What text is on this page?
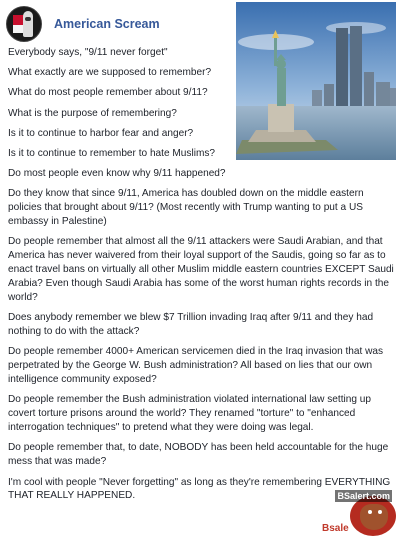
American Scream

Everybody says, "9/11 never forget"

What exactly are we supposed to remember?

What do most people remember about 9/11?

What is the purpose of remembering?

Is it to continue to harbor fear and anger?

Is it to continue to remember to hate Muslims?

Do most people even know why 9/11 happened?

Do they know that since 9/11, America has doubled down on the middle eastern policies that brought about 9/11? (Most recently with Trump wanting to put a US embassy in Palestine)

Do people remember that almost all the 9/11 attackers were Saudi Arabian, and that America has never waivered from their loyal support of the Saudis, going so far as to enact travel bans on virtually all other Muslim middle eastern countries EXCEPT Saudi Arabia? Even though Saudi Arabia has some of the worst human rights records in the world?

Does anybody remember we blew $7 Trillion invading Iraq after 9/11 and they had nothing to do with the attack?

Do people remember 4000+ American servicemen died in the Iraq invasion that was perpetrated by the George W. Bush administration? All based on lies that our own intelligence community exposed?

Do people remember the Bush administration violated international law setting up covert torture prisons around the world? They renamed "torture" to "enhanced interrogation techniques" to pretend what they were doing was legal.

Do people remember that, to date, NOBODY has been held accountable for the huge mess that was made?

I'm cool with people "Never forgetting" as long as they're remembering EVERYTHING THAT REALLY HAPPENED.	BSalert.com
Bsale
